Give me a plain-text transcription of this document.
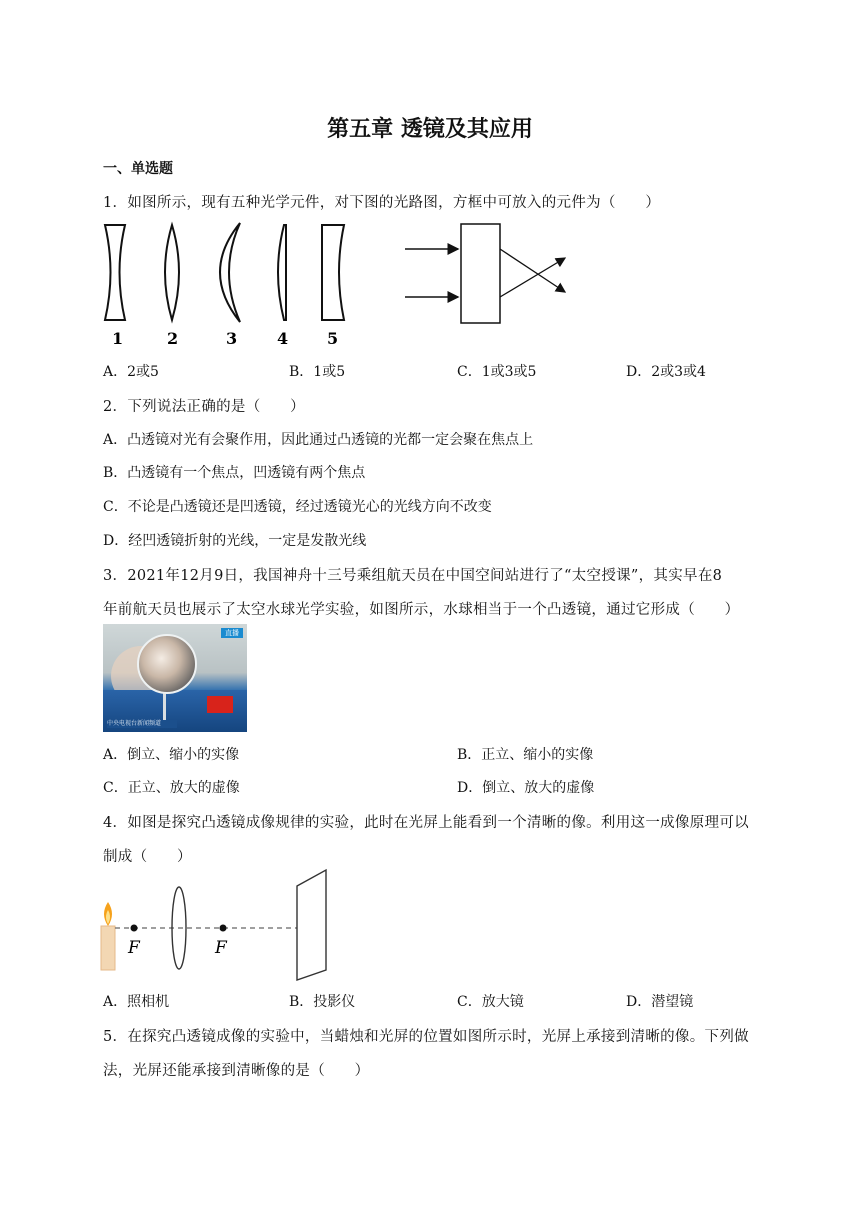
第五章 透镜及其应用
一、单选题
1．如图所示，现有五种光学元件，对下图的光路图，方框中可放入的元件为（　　）
1	2	3 4 5
A．2或5	B．1或5	C．1或3或5	D．2或3或4
2．下列说法正确的是（　　）
A．凸透镜对光有会聚作用，因此通过凸透镜的光都一定会聚在焦点上
B．凸透镜有一个焦点，凹透镜有两个焦点
C．不论是凸透镜还是凹透镜，经过透镜光心的光线方向不改变
D．经凹透镜折射的光线，一定是发散光线
3．2021年12月9日，我国神舟十三号乘组航天员在中国空间站进行了“太空授课”，其实早在8
年前航天员也展示了太空水球光学实验，如图所示，水球相当于一个凸透镜，通过它形成（　　）
直播
中央电视台新闻频道
A．倒立、缩小的实像	B．正立、缩小的实像
C．正立、放大的虚像	D．倒立、放大的虚像
4．如图是探究凸透镜成像规律的实验，此时在光屏上能看到一个清晰的像。利用这一成像原理可以
制成（　　）
F	F
A．照相机	B．投影仪	C．放大镜	D．潜望镜
5．在探究凸透镜成像的实验中，当蜡烛和光屏的位置如图所示时，光屏上承接到清晰的像。下列做
法，光屏还能承接到清晰像的是（　　）
